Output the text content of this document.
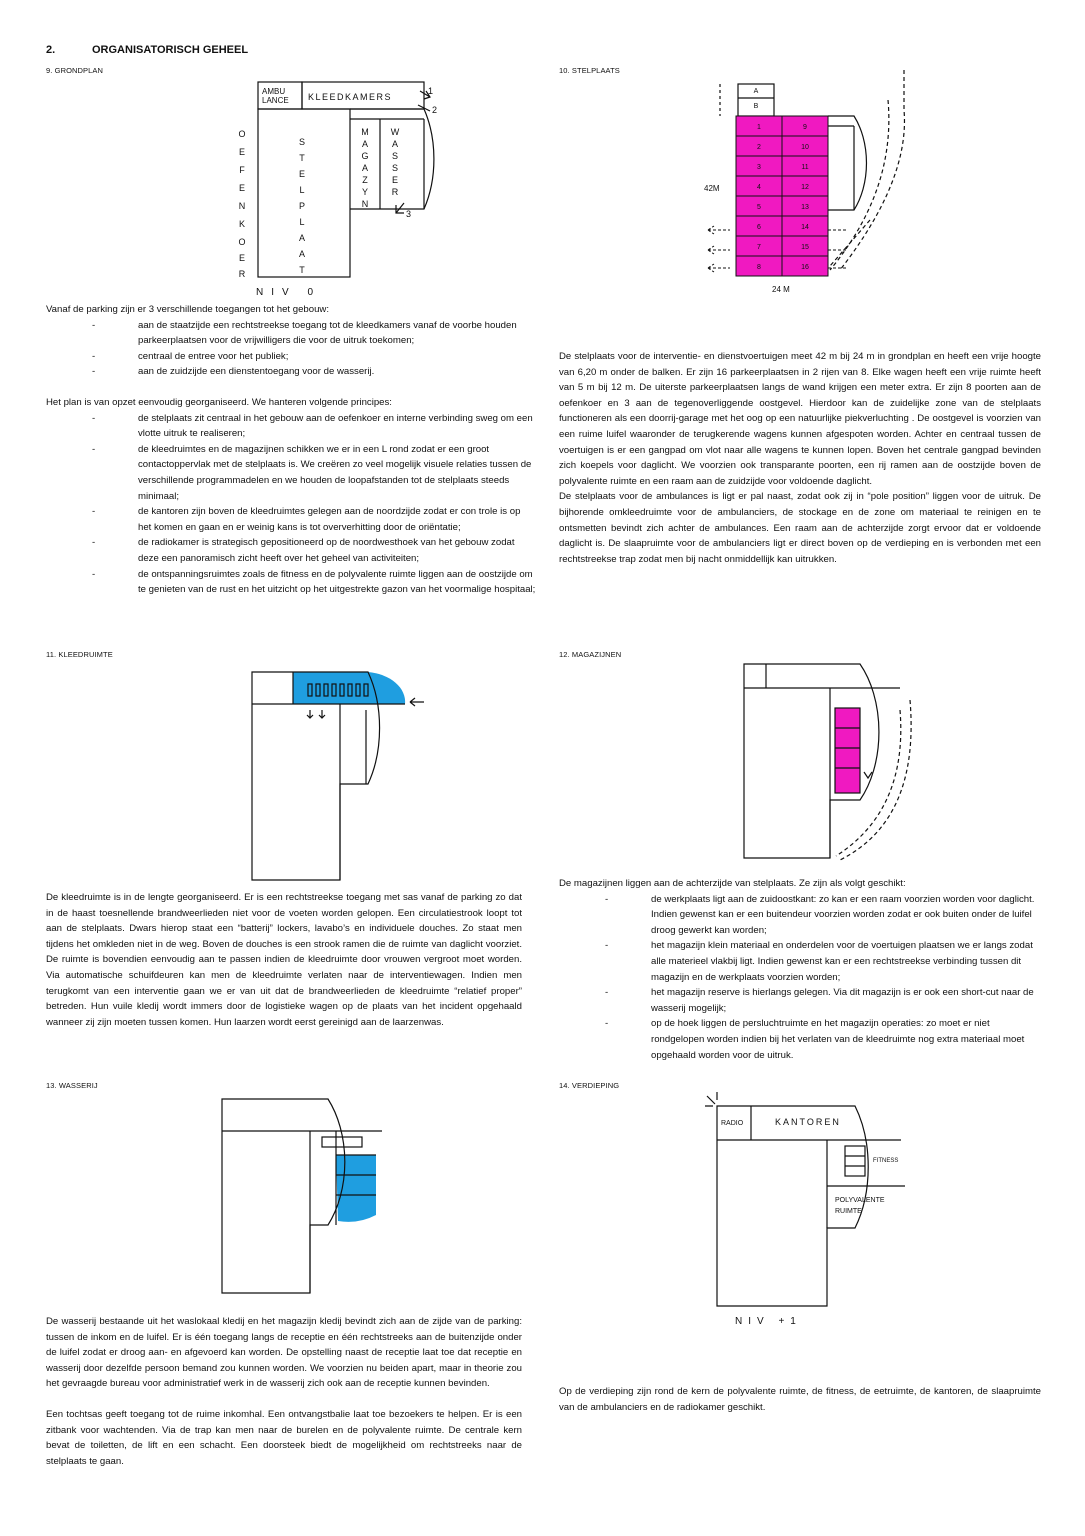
2.	ORGANISATORISCH GEHEEL
9. GRONDPLAN
AMBU
LANCE KLEEDKAMERS
1
2
3
NIV 0
S
T
E
L
P
L
A
A
T
M
A
G
A
Z
Y
N
W
A
S
S
E
R
O
E
F
E
N
K
O
E
R

Vanaf de parking zijn er 3 verschillende toegangen tot het gebouw:

- aan de staatzijde een rechtstreekse toegang tot de kleedkamers vanaf de voorbe houden parkeerplaatsen voor de vrijwilligers die voor de uitruk toekomen;
- centraal de entree voor het publiek;
- aan de zuidzijde een dienstentoegang voor de wasserij.

Het plan is van opzet eenvoudig georganiseerd. We hanteren volgende principes:

- de stelplaats zit centraal in het gebouw aan de oefenkoer en interne verbinding sweg om een vlotte uitruk te realiseren;
- de kleedruimtes en de magazijnen schikken we er in een L rond zodat er een groot contactoppervlak met de stelplaats is. We creëren zo veel mogelijk visuele relaties tussen de verschillende programmadelen en we houden de loopafstanden tot de stelplaats steeds minimaal;
- de kantoren zijn boven de kleedruimtes gelegen aan de noordzijde zodat er con trole is op het komen en gaan en er weinig kans is tot oververhitting door de oriëntatie;
- de radiokamer is strategisch gepositioneerd op de noordwesthoek van het gebouw zodat deze een panoramisch zicht heeft over het geheel van activiteiten;
- de ontspanningsruimtes zoals de fitness en de polyvalente ruimte liggen aan de oostzijde om te genieten van de rust en het uitzicht op het uitgestrekte gazon van het voormalige hospitaal;
10. STELPLAATS
A
B
1
2
3
4
5
6
7
8
9
10
11
12
13
14
15
16
42M
24 M

De stelplaats voor de interventie- en dienstvoertuigen meet 42 m bij 24 m in grondplan en heeft een vrije hoogte van 6,20 m onder de balken. Er zijn 16 parkeerplaatsen in 2 rijen van 8. Elke wagen heeft een vrije ruimte heeft van 5 m bij 12 m. De uiterste parkeerplaatsen langs de wand krijgen een meter extra. Er zijn 8 poorten aan de oefenkoer en 3 aan de tegenoverliggende oostgevel. Hierdoor kan de zuidelijke zone van de stelplaats functioneren als een doorrij-garage met het oog op een natuurlijke piekverluchting . De oostgevel is voorzien van een ruime luifel waaronder de terugkerende wagens kunnen afgespoten worden. Achter en centraal tussen de voertuigen is er een gangpad om vlot naar alle wagens te kunnen lopen. Boven het centrale gangpad bevinden zich koepels voor daglicht. We voorzien ook transparante poorten, een rij ramen aan de oostzijde boven de polyvalente ruimte en een raam aan de zuidzijde voor voldoende daglicht.

De stelplaats voor de ambulances is ligt er pal naast, zodat ook zij in “pole position” liggen voor de uitruk. De bijhorende omkleedruimte voor de ambulanciers, de stockage en de zone om materiaal te reinigen en te ontsmetten bevindt zich achter de ambulances. Een raam aan de achterzijde zorgt ervoor dat er voldoende daglicht is. De slaapruimte voor de ambulanciers ligt er direct boven op de verdieping en is verbonden met een rechtstreekse trap zodat men bij nacht onmiddellijk kan uitrukken.

11. KLEEDRUIMTE
De kleedruimte is in de lengte georganiseerd. Er is een rechtstreekse toegang met sas vanaf de parking zo dat in de haast toesnellende brandweerlieden niet voor de voeten worden gelopen. Een circulatiestrook loopt tot aan de stelplaats. Dwars hierop staat een “batterij” lockers, lavabo’s en individuele douches. Zo staat men tijdens het omkleden niet in de weg. Boven de douches is een strook ramen die de ruimte van daglicht voorziet. De ruimte is bovendien eenvoudig aan te passen indien de kleedruimte door vrouwen vergroot moet worden. Via automatische schuifdeuren kan men de kleedruimte verlaten naar de interventiewagen. Indien men terugkomt van een interventie gaan we er van uit dat de brandweerlieden de kleedruimte “relatief proper” betreden. Hun vuile kledij wordt immers door de logistieke wagen op de plaats van het incident opgehaald wanneer zij zijn moeten tussen komen. Hun laarzen wordt eerst gereinigd aan de laarzenwas.
12. MAGAZIJNEN

De magazijnen liggen aan de achterzijde van stelplaats. Ze zijn als volgt geschikt:

- de werkplaats ligt aan de zuidoostkant: zo kan er een raam voorzien worden voor daglicht. Indien gewenst kan er een buitendeur voorzien worden zodat er ook buiten onder de luifel droog gewerkt kan worden;
- het magazijn klein materiaal en onderdelen voor de voertuigen plaatsen we er langs zodat alle materieel vlakbij ligt. Indien gewenst kan er een rechtstreekse verbinding tussen dit magazijn en de werkplaats voorzien worden;
- het magazijn reserve is hierlangs gelegen. Via dit magazijn is er ook een short-cut naar de wasserij mogelijk;
- op de hoek liggen de persluchtruimte en het magazijn operaties: zo moet er niet rondgelopen worden indien bij het verlaten van de kleedruimte nog extra materiaal moet opgehaald worden voor de uitruk.
13. WASSERIJ

De wasserij bestaande uit het waslokaal kledij en het magazijn kledij bevindt zich aan de zijde van de parking: tussen de inkom en de luifel. Er is één toegang langs de receptie en één rechtstreeks aan de buitenzijde onder de luifel zodat er droog aan- en afgevoerd kan worden. De opstelling naast de receptie laat toe dat receptie en wasserij door dezelfde persoon bemand zou kunnen worden. We voorzien nu beiden apart, maar in theorie zou het gevraagde bureau voor administratief werk in de wasserij zich ook aan de receptie kunnen bevinden.

Een tochtsas geeft toegang tot de ruime inkomhal. Een ontvangstbalie laat toe bezoekers te helpen. Er is een zitbank voor wachtenden. Via de trap kan men naar de burelen en de polyvalente ruimte. De centrale kern bevat de toiletten, de lift en een schacht. Een doorsteek biedt de mogelijkheid om rechtstreeks naar de stelplaats te gaan.

14. VERDIEPING
RADIO	KANTOREN
FITNESS
POLYVALENTE
RUIMTE
NIV +1
Op de verdieping zijn rond de kern de polyvalente ruimte, de fitness, de eetruimte, de kantoren, de slaapruimte van de ambulanciers en de radiokamer geschikt.
